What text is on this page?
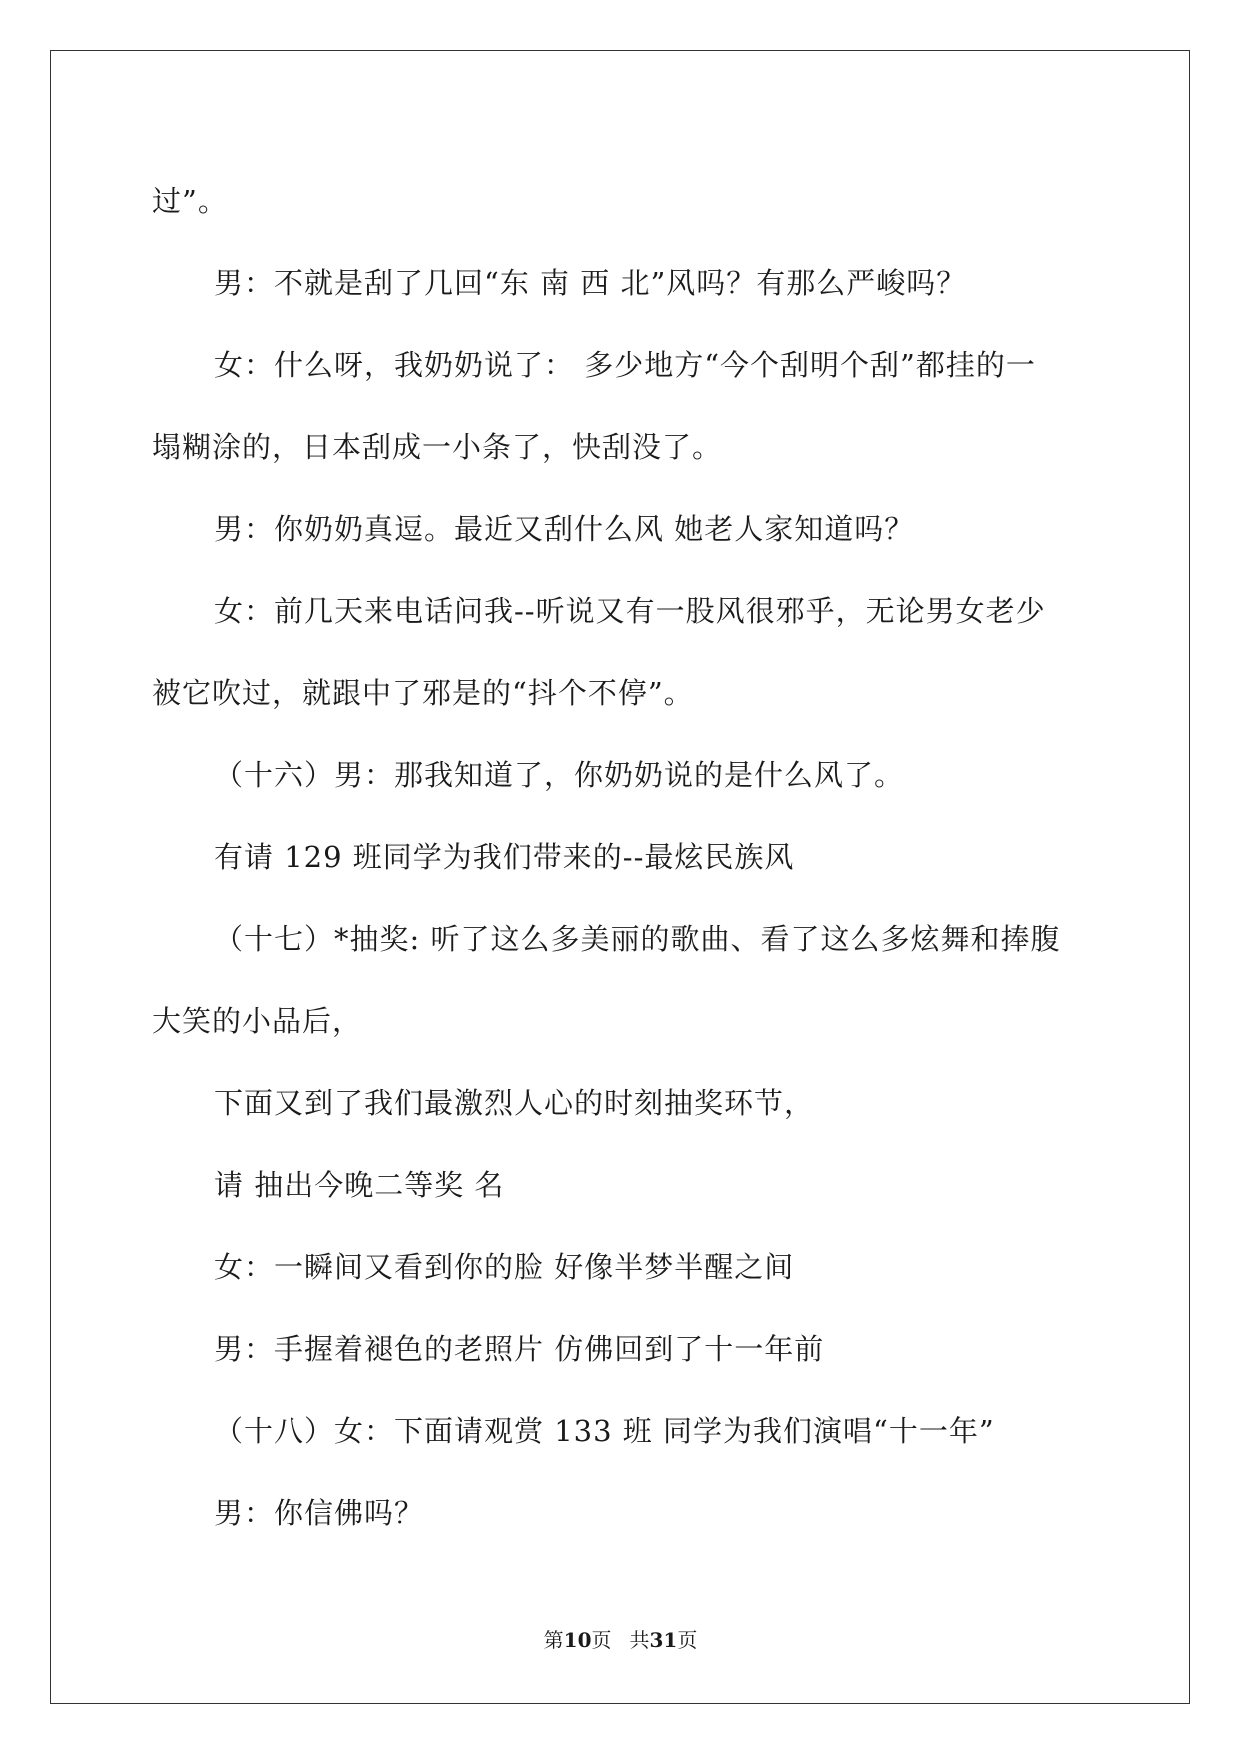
过”。
男：不就是刮了几回“东 南 西 北”风吗？有那么严峻吗？
女：什么呀，我奶奶说了： 多少地方“今个刮明个刮”都挂的一
塌糊涂的，日本刮成一小条了，快刮没了。
男：你奶奶真逗。最近又刮什么风 她老人家知道吗？
女：前几天来电话问我--听说又有一股风很邪乎，无论男女老少
被它吹过，就跟中了邪是的“抖个不停”。
（十六）男：那我知道了，你奶奶说的是什么风了。
有请 129 班同学为我们带来的--最炫民族风
（十七）*抽奖: 听了这么多美丽的歌曲、看了这么多炫舞和捧腹
大笑的小品后，
下面又到了我们最激烈人心的时刻抽奖环节，
请 抽出今晚二等奖 名
女：一瞬间又看到你的脸 好像半梦半醒之间
男：手握着褪色的老照片 仿佛回到了十一年前
（十八）女：下面请观赏 133 班 同学为我们演唱“十一年”
男：你信佛吗？
第10页 共31页
